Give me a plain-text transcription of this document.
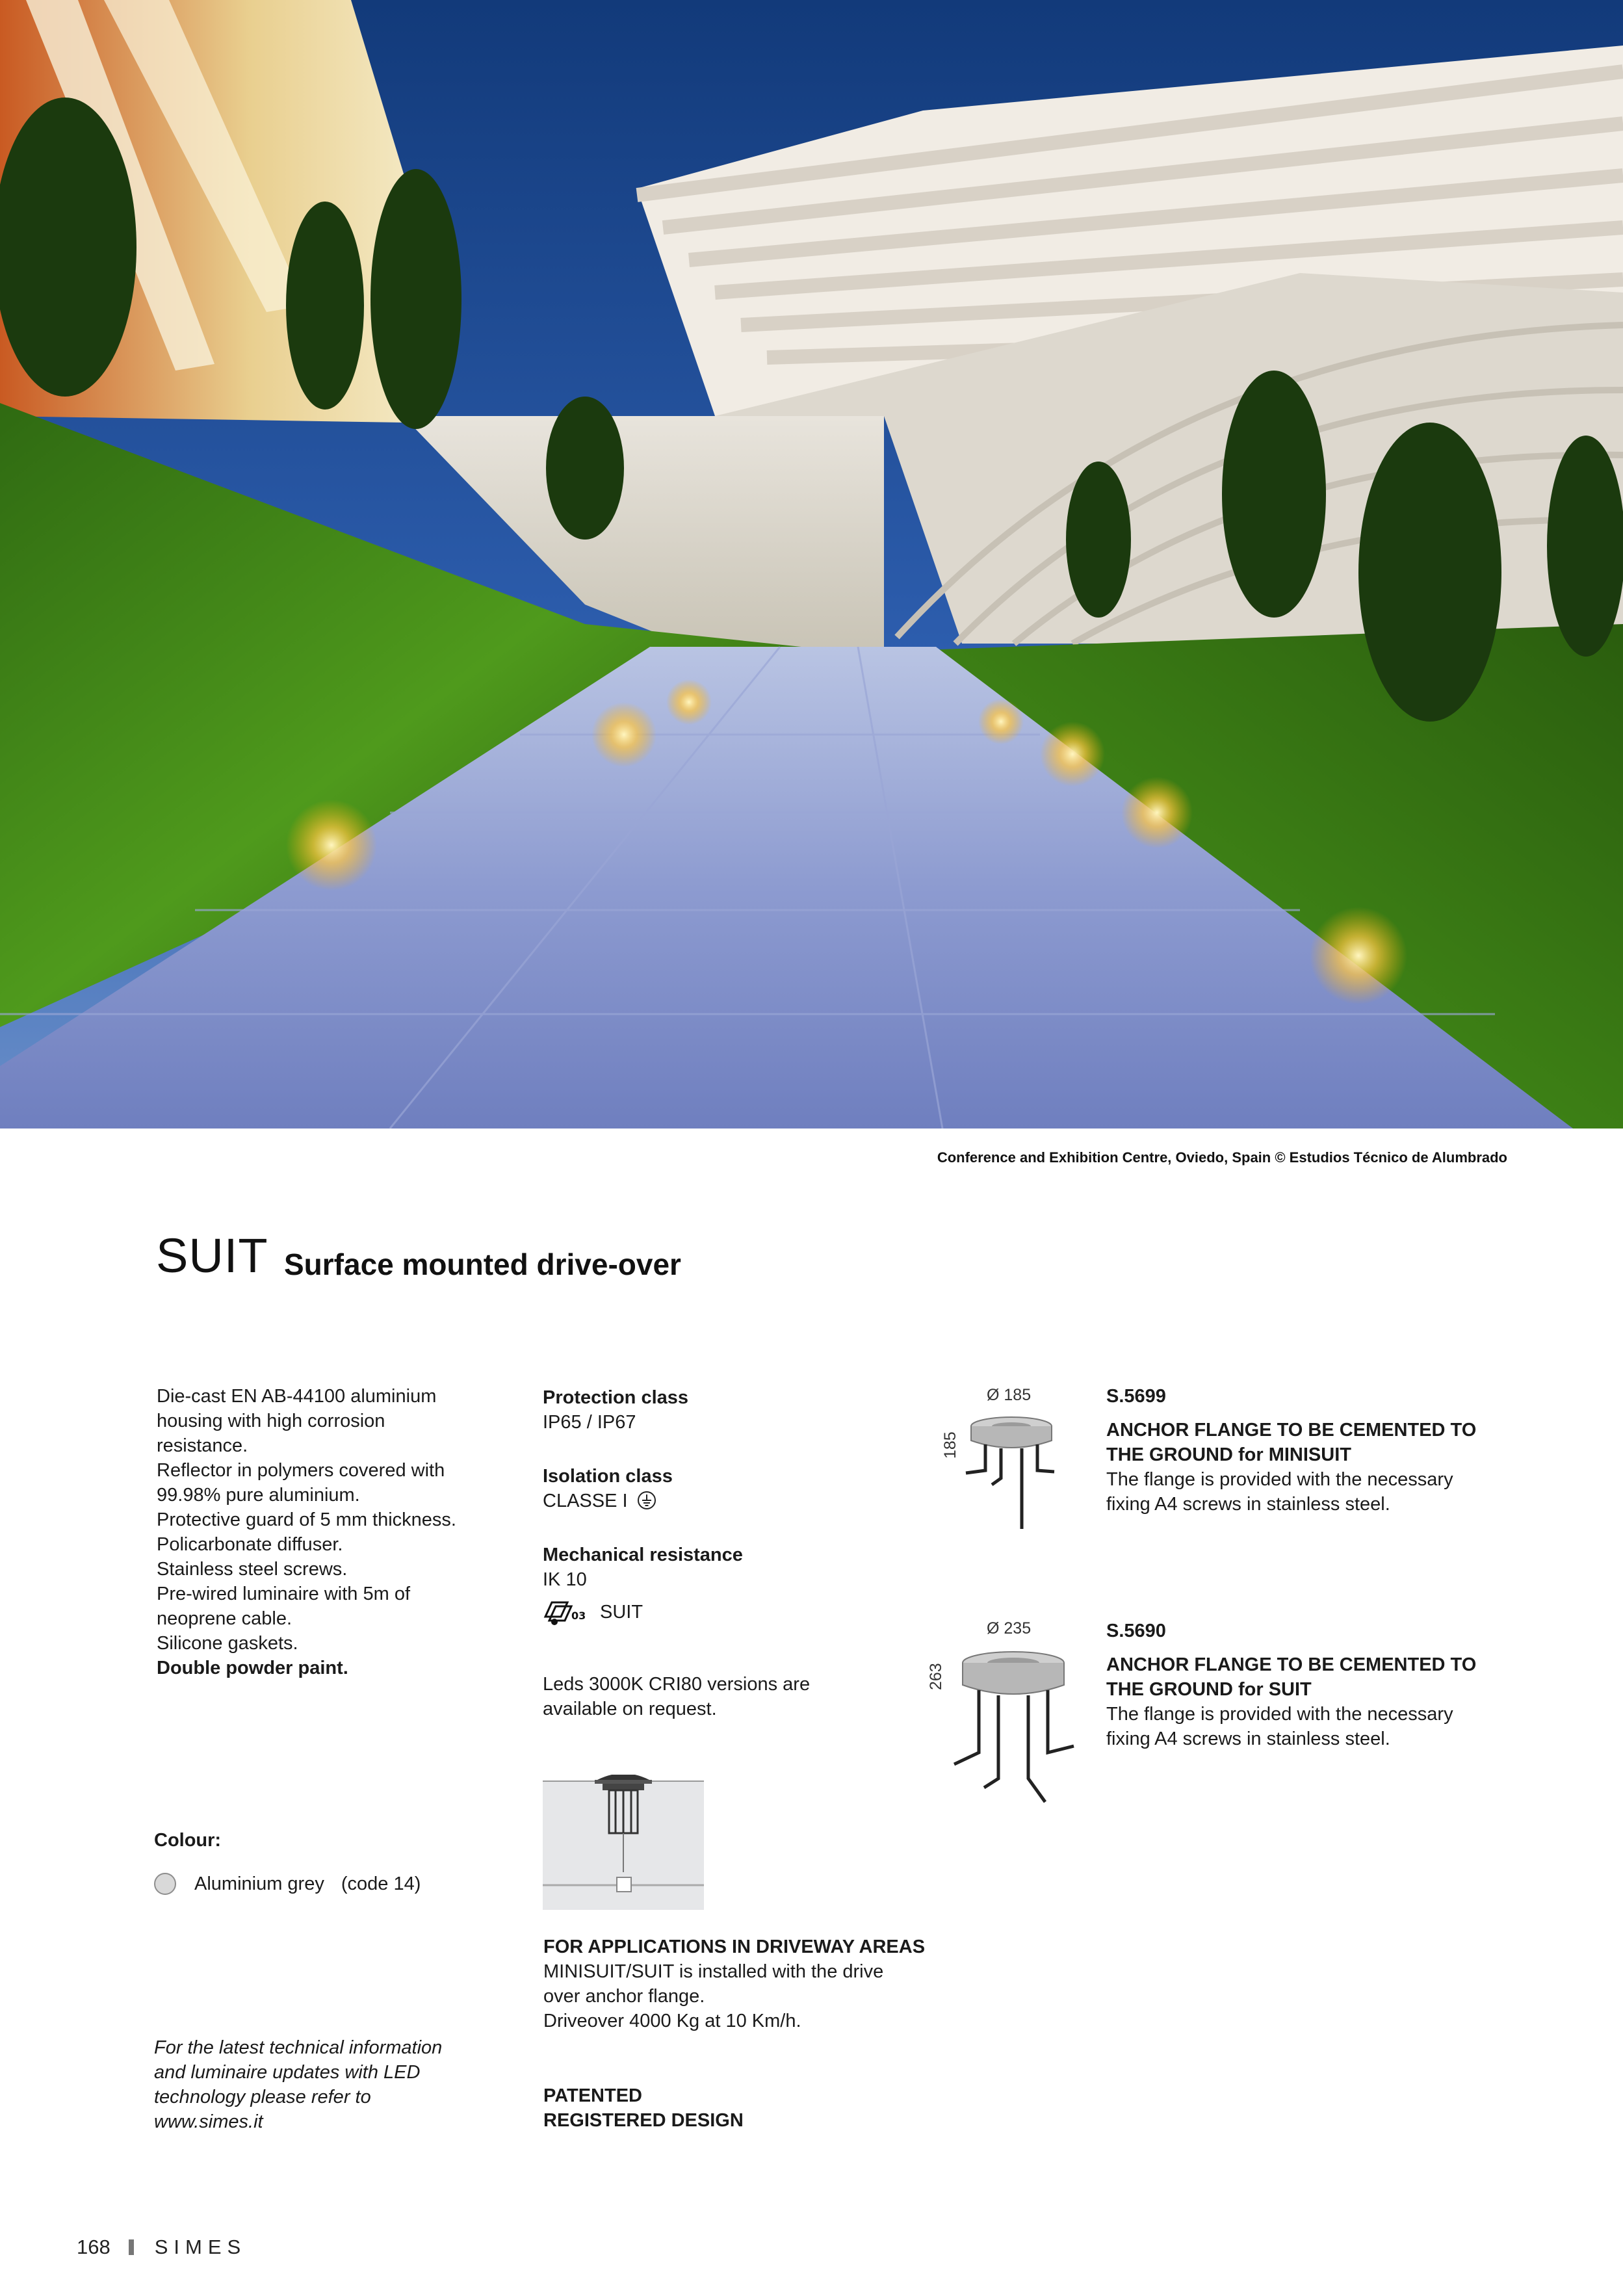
Conference and Exhibition Centre, Oviedo, Spain © Estudios Técnico de Alumbrado
SUIT Surface mounted drive-over
Die-cast EN AB-44100 aluminium
housing with high corrosion
resistance.
Reflector in polymers covered with
99.98% pure aluminium.
Protective guard of 5 mm thickness.
Policarbonate diffuser.
Stainless steel screws.
Pre-wired luminaire with 5m of
neoprene cable.
Silicone gaskets.
Double powder paint.
Colour:
Aluminium grey (code 14)
For the latest technical information
and luminaire updates with LED
technology please refer to
www.simes.it
Protection class
IP65 / IP67
Isolation class
CLASSE I
Mechanical resistance
IK 10
03 SUIT
Leds 3000K CRI80 versions are
available on request.
FOR APPLICATIONS IN DRIVEWAY AREAS
MINISUIT/SUIT is installed with the drive
over anchor flange.
Driveover 4000 Kg at 10 Km/h.
PATENTED
REGISTERED DESIGN
Ø 185
185
S.5699
ANCHOR FLANGE TO BE CEMENTED TO
THE GROUND for MINISUIT
The flange is provided with the necessary
fixing A4 screws in stainless steel.
Ø 235
263
S.5690
ANCHOR FLANGE TO BE CEMENTED TO
THE GROUND for SUIT
The flange is provided with the necessary
fixing A4 screws in stainless steel.
168 SIMES
